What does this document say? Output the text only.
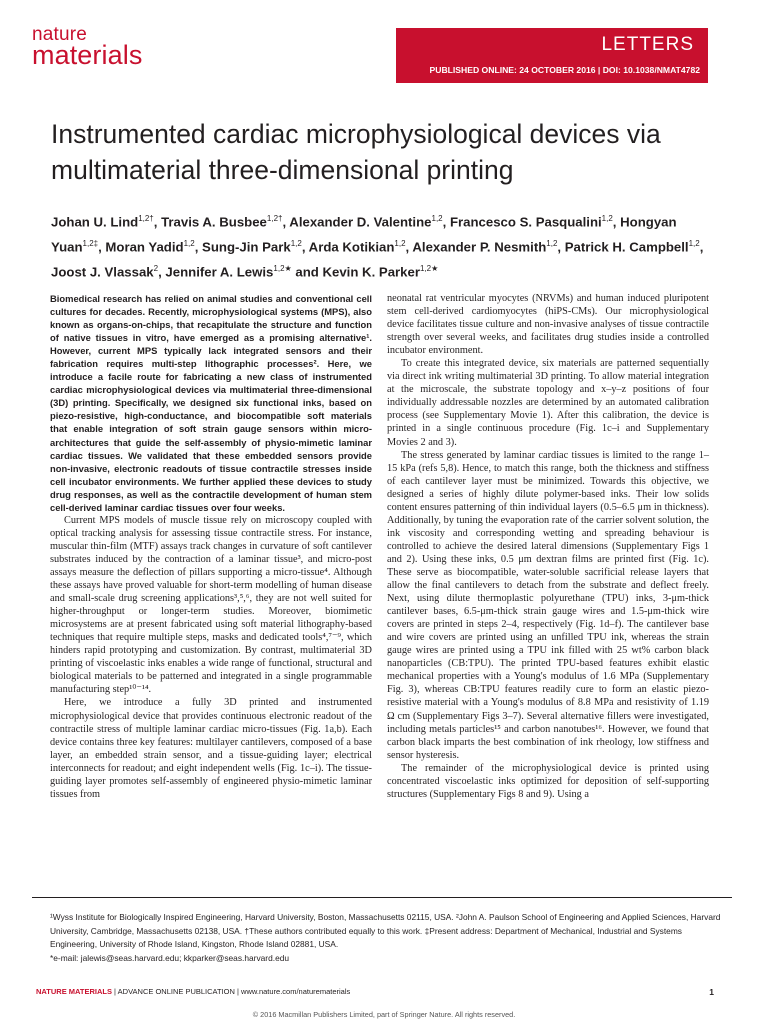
nature
materials	LETTERS
PUBLISHED ONLINE: 24 OCTOBER 2016 | DOI: 10.1038/NMAT4782
Instrumented cardiac microphysiological devices via multimaterial three-dimensional printing

Johan U. Lind$^{1,2\dagger}$, Travis A. Busbee$^{1,2\dagger}$, Alexander D. Valentine$^{1,2}$, Francesco S. Pasqualini$^{1,2}$, Hongyan Yuan$^{1,2\ddagger}$, Moran Yadid$^{1,2}$, Sung-Jin Park$^{1,2}$, Arda Kotikian$^{1,2}$, Alexander P. Nesmith$^{1,2}$, Patrick H. Campbell$^{1,2}$, Joost J. Vlassak$^2$, Jennifer A. Lewis$^{1,2★}$ and Kevin K. Parker$^{1,2★}$

Biomedical research has relied on animal studies and conventional cell cultures for decades. Recently, microphysiological systems (MPS), also known as organs-on-chips, that recapitulate the structure and function of native tissues in vitro, have emerged as a promising alternative¹. However, current MPS typically lack integrated sensors and their fabrication requires multi-step lithographic processes². Here, we introduce a facile route for fabricating a new class of instrumented cardiac microphysiological devices via multimaterial three-dimensional (3D) printing. Specifically, we designed six functional inks, based on piezo-resistive, high-conductance, and biocompatible soft materials that enable integration of soft strain gauge sensors within micro-architectures that guide the self-assembly of physio-mimetic laminar cardiac tissues. We validated that these embedded sensors provide non-invasive, electronic readouts of tissue contractile stresses inside cell incubator environments. We further applied these devices to study drug responses, as well as the contractile development of human stem cell-derived laminar cardiac tissues over four weeks.

Current MPS models of muscle tissue rely on microscopy coupled with optical tracking analysis for assessing tissue contractile stress. For instance, muscular thin-film (MTF) assays track changes in curvature of soft cantilever substrates induced by the contraction of a laminar tissue³, and micro-post assays measure the deflection of pillars supporting a micro-tissue⁴. Although these assays have proved valuable for short-term modelling of human disease and small-scale drug screening applications³,⁵,⁶, they are not well suited for higher-throughput or longer-term studies. Moreover, biomimetic microsystems are at present fabricated using soft material lithography-based techniques that require multiple steps, masks and dedicated tools⁴,⁷⁻⁹, which hinders rapid prototyping and customization. By contrast, multimaterial 3D printing of viscoelastic inks enables a wide range of functional, structural and biological materials to be patterned and integrated in a single programmable manufacturing step¹⁰⁻¹⁴.

Here, we introduce a fully 3D printed and instrumented microphysiological device that provides continuous electronic readout of the contractile stress of multiple laminar cardiac micro-tissues (Fig. 1a,b). Each device contains three key features: multilayer cantilevers, composed of a base layer, an embedded strain sensor, and a tissue-guiding layer; electrical interconnects for readout; and eight independent wells (Fig. 1c–i). The tissue-guiding layer promotes self-assembly of engineered physio-mimetic laminar tissues from

neonatal rat ventricular myocytes (NRVMs) and human induced pluripotent stem cell-derived cardiomyocytes (hiPS-CMs). Our microphysiological device facilitates tissue culture and non-invasive analyses of tissue contractile strength over several weeks, and facilitates drug studies inside a controlled incubator environment.

To create this integrated device, six materials are patterned sequentially via direct ink writing multimaterial 3D printing. To allow material integration at the microscale, the substrate topology and x–y–z positions of four individually addressable nozzles are determined by an automated calibration process (see Supplementary Movie 1). After this calibration, the device is printed in a single continuous procedure (Fig. 1c–i and Supplementary Movies 2 and 3).

The stress generated by laminar cardiac tissues is limited to the range 1–15 kPa (refs 5,8). Hence, to match this range, both the thickness and stiffness of each cantilever layer must be minimized. Towards this objective, we designed a series of highly dilute polymer-based inks. Their low solids content ensures patterning of thin individual layers (0.5–6.5 μm in thickness). Additionally, by tuning the evaporation rate of the carrier solvent solution, the ink viscosity and corresponding wetting and spreading behaviour is controlled to achieve the desired lateral dimensions (Supplementary Figs 1 and 2). Using these inks, 0.5 μm dextran films are printed first (Fig. 1c). These serve as biocompatible, water-soluble sacrificial release layers that allow the final cantilevers to detach from the substrate and deflect freely. Next, using dilute thermoplastic polyurethane (TPU) inks, 3-μm-thick cantilever bases, 6.5-μm-thick strain gauge wires and 1.5-μm-thick wire covers are printed in steps 2–4, respectively (Fig. 1d–f). The cantilever base and wire covers are printed using an unfilled TPU ink, whereas the strain gauge wires are printed using a TPU ink filled with 25 wt% carbon black nanoparticles (CB:TPU). The printed TPU-based features exhibit elastic mechanical properties with a Young's modulus of 1.6 MPa (Supplementary Fig. 3), whereas CB:TPU features readily cure to form an elastic piezo-resistive material with a Young's modulus of 8.8 MPa and resistivity of 1.19 Ω cm (Supplementary Figs 3–7). Several alternative fillers were investigated, including metals particles¹⁵ and carbon nanotubes¹⁶. However, we found that carbon black imparts the best combination of ink rheology, low stiffness and sensor hysteresis.

The remainder of the microphysiological device is printed using concentrated viscoelastic inks optimized for deposition of self-supporting structures (Supplementary Figs 8 and 9). Using a

¹Wyss Institute for Biologically Inspired Engineering, Harvard University, Boston, Massachusetts 02115, USA. ²John A. Paulson School of Engineering and Applied Sciences, Harvard University, Cambridge, Massachusetts 02138, USA. †These authors contributed equally to this work. ‡Present address: Department of Mechanical, Industrial and Systems Engineering, University of Rhode Island, Kingston, Rhode Island 02881, USA.

*e-mail: jalewis@seas.harvard.edu; kkparker@seas.harvard.edu

NATURE MATERIALS | ADVANCE ONLINE PUBLICATION | www.nature.com/naturematerials	1
© 2016 Macmillan Publishers Limited, part of Springer Nature. All rights reserved.
